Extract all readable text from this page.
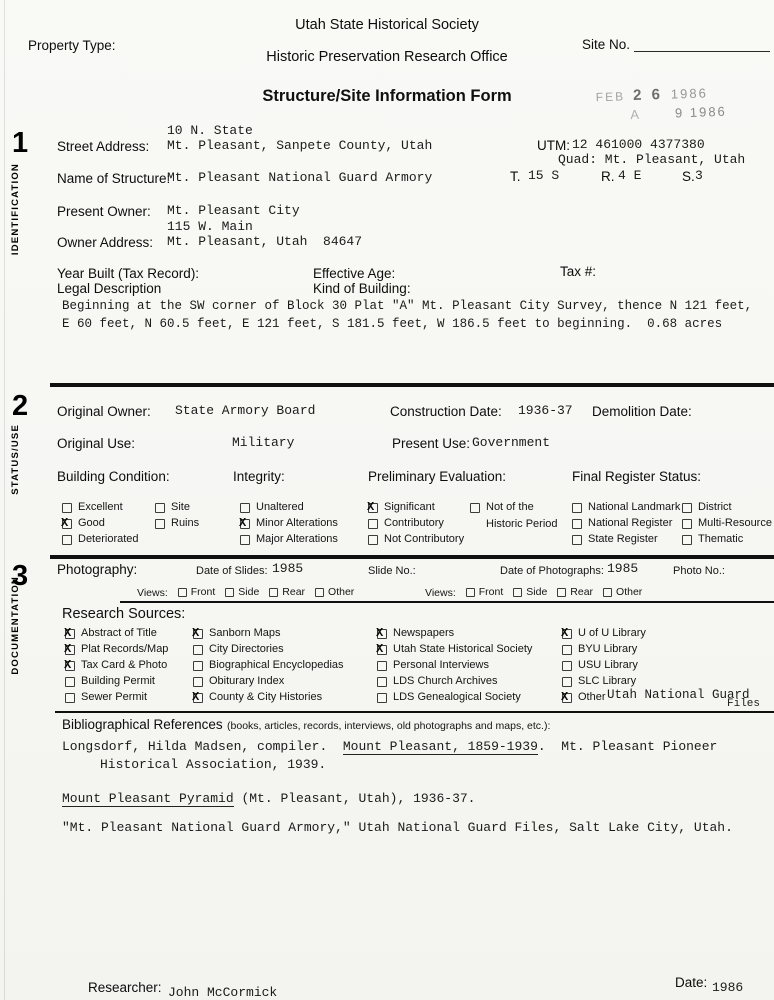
Utah State Historical Society
Property Type:	Site No.
Historic Preservation Research Office
Structure/Site Information Form	FEB 2 6 1986
A	9 1986
1
IDENTIFICATION
10 N. State
Street Address: Mt. Pleasant, Sanpete County, Utah	UTM: 12 461000 4377380
Quad: Mt. Pleasant, Utah
Name of Structure:
Mt. Pleasant National Guard Armory	T. 15 S	R. 4 E	S. 3
Present Owner: Mt. Pleasant City
115 W. Main
Owner Address: Mt. Pleasant, Utah  84647
Year Built (Tax Record):	Effective Age:	Tax #:
Legal Description	Kind of Building:
Beginning at the SW corner of Block 30 Plat "A" Mt. Pleasant City Survey, thence N 121 feet,
E 60 feet, N 60.5 feet, E 121 feet, S 181.5 feet, W 186.5 feet to beginning.  0.68 acres
2
STATUS/USE
Original Owner: State Armory Board	Construction Date: 1936-37 Demolition Date:
Original Use:	Military	Present Use: Government
Building Condition:	Integrity:	Preliminary Evaluation:	Final Register Status:
Excellent
X
Good
Deteriorated
Site
Ruins
Unaltered
X
Minor Alterations
Major Alterations
X
Significant
Contributory
Not Contributory
Not of the
Historic Period
National Landmark
National Register
State Register
District
Multi-Resource
Thematic
3
DOCUMENTATION
Photography:	Date of Slides: 1985	Slide No.:	Date of Photographs: 1985	Photo No.:
Views: Front Side Rear Other	Views: Front Side Rear Other
Research Sources:
X
Abstract of Title
X
Plat Records/Map
X
Tax Card & Photo
Building Permit
Sewer Permit
X
Sanborn Maps
City Directories
Biographical Encyclopedias
Obiturary Index
X
County & City Histories
X
Newspapers
X
Utah State Historical Society
Personal Interviews
LDS Church Archives
LDS Genealogical Society
X
U of U Library
BYU Library
USU Library
SLC Library
X
Other Utah National Guard
Files
Bibliographical References (books, articles, records, interviews, old photographs and maps, etc.):
Longsdorf, Hilda Madsen, compiler.  Mount Pleasant, 1859-1939.  Mt. Pleasant Pioneer
Historical Association, 1939.
Mount Pleasant Pyramid (Mt. Pleasant, Utah), 1936-37.
"Mt. Pleasant National Guard Armory," Utah National Guard Files, Salt Lake City, Utah.
Researcher: John McCormick
Date: 1986
